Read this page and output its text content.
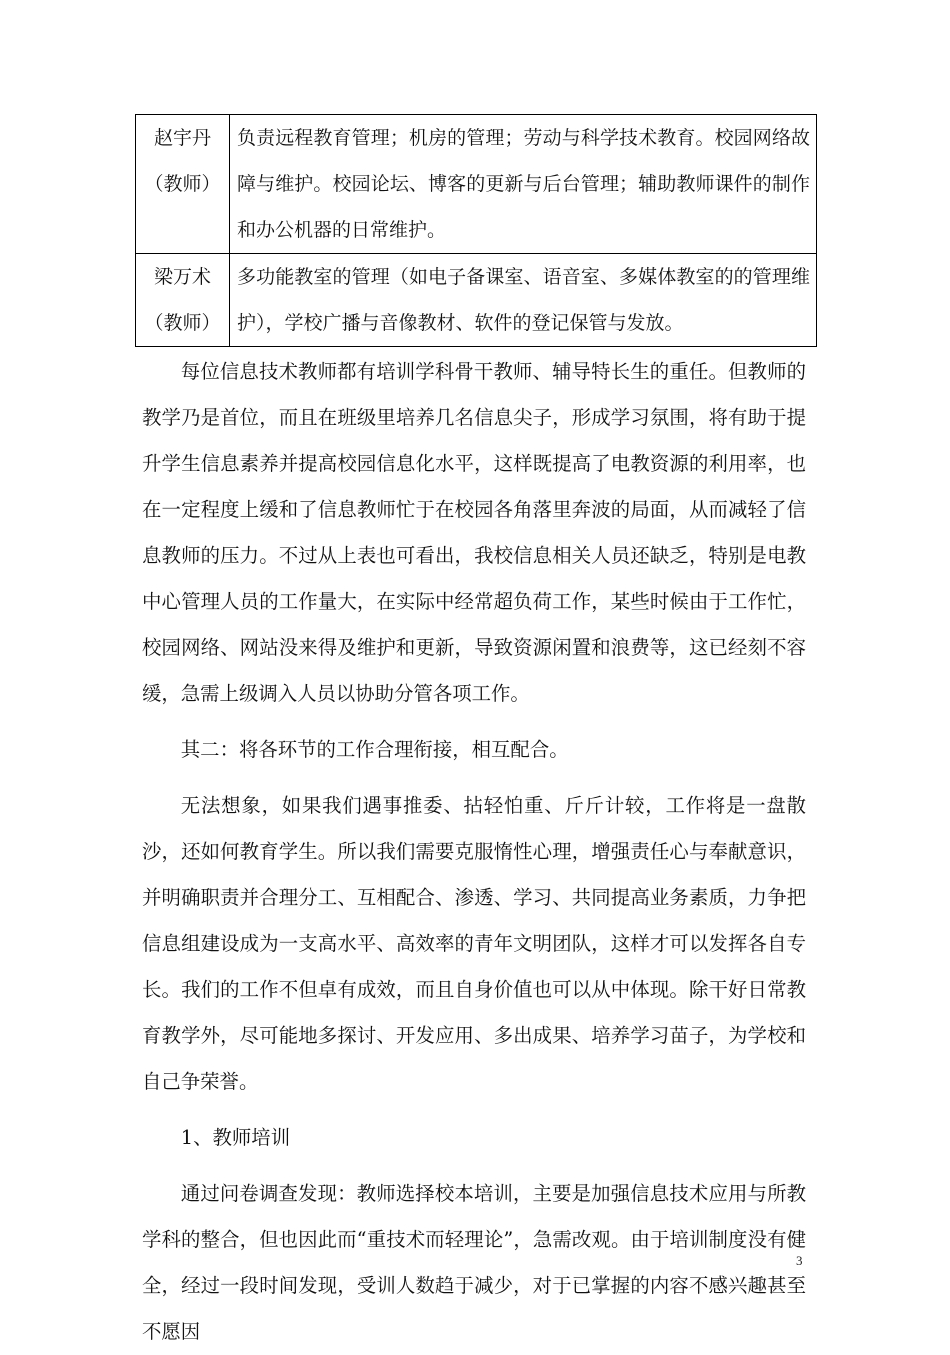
赵宇丹
（教师）	负责远程教育管理；机房的管理；劳动与科学技术教育。校园网络故障与维护。校园论坛、博客的更新与后台管理；辅助教师课件的制作和办公机器的日常维护。

梁万术
（教师）	多功能教室的管理（如电子备课室、语音室、多媒体教室的的管理维护），学校广播与音像教材、软件的登记保管与发放。

每位信息技术教师都有培训学科骨干教师、辅导特长生的重任。但教师的教学乃是首位，而且在班级里培养几名信息尖子，形成学习氛围，将有助于提升学生信息素养并提高校园信息化水平，这样既提高了电教资源的利用率，也在一定程度上缓和了信息教师忙于在校园各角落里奔波的局面，从而减轻了信息教师的压力。不过从上表也可看出，我校信息相关人员还缺乏，特别是电教中心管理人员的工作量大，在实际中经常超负荷工作，某些时候由于工作忙，校园网络、网站没来得及维护和更新，导致资源闲置和浪费等，这已经刻不容缓，急需上级调入人员以协助分管各项工作。

其二：将各环节的工作合理衔接，相互配合。

无法想象，如果我们遇事推委、拈轻怕重、斤斤计较，工作将是一盘散沙，还如何教育学生。所以我们需要克服惰性心理，增强责任心与奉献意识，并明确职责并合理分工、互相配合、渗透、学习、共同提高业务素质，力争把信息组建设成为一支高水平、高效率的青年文明团队，这样才可以发挥各自专长。我们的工作不但卓有成效，而且自身价值也可以从中体现。除干好日常教育教学外，尽可能地多探讨、开发应用、多出成果、培养学习苗子，为学校和自己争荣誉。

1、教师培训

通过问卷调查发现：教师选择校本培训，主要是加强信息技术应用与所教学科的整合，但也因此而“重技术而轻理论”，急需改观。由于培训制度没有健全，经过一段时间发现，受训人数趋于减少，对于已掌握的内容不感兴趣甚至不愿因

3
